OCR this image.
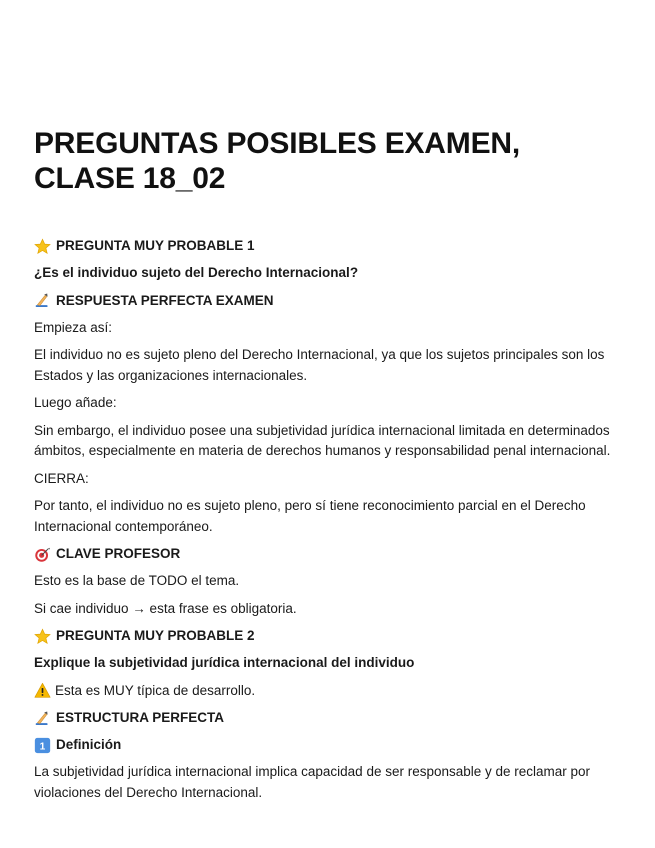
PREGUNTAS POSIBLES EXAMEN,
CLASE 18_02
PREGUNTA MUY PROBABLE 1
¿Es el individuo sujeto del Derecho Internacional?
RESPUESTA PERFECTA EXAMEN
Empieza así:
El individuo no es sujeto pleno del Derecho Internacional, ya que los sujetos principales son los Estados y las organizaciones internacionales.
Luego añade:
Sin embargo, el individuo posee una subjetividad jurídica internacional limitada en determinados ámbitos, especialmente en materia de derechos humanos y responsabilidad penal internacional.
CIERRA:
Por tanto, el individuo no es sujeto pleno, pero sí tiene reconocimiento parcial en el Derecho Internacional contemporáneo.
CLAVE PROFESOR
Esto es la base de TODO el tema.
Si cae individuo → esta frase es obligatoria.
PREGUNTA MUY PROBABLE 2
Explique la subjetividad jurídica internacional del individuo
Esta es MUY típica de desarrollo.
ESTRUCTURA PERFECTA
1 Definición
La subjetividad jurídica internacional implica capacidad de ser responsable y de reclamar por violaciones del Derecho Internacional.
